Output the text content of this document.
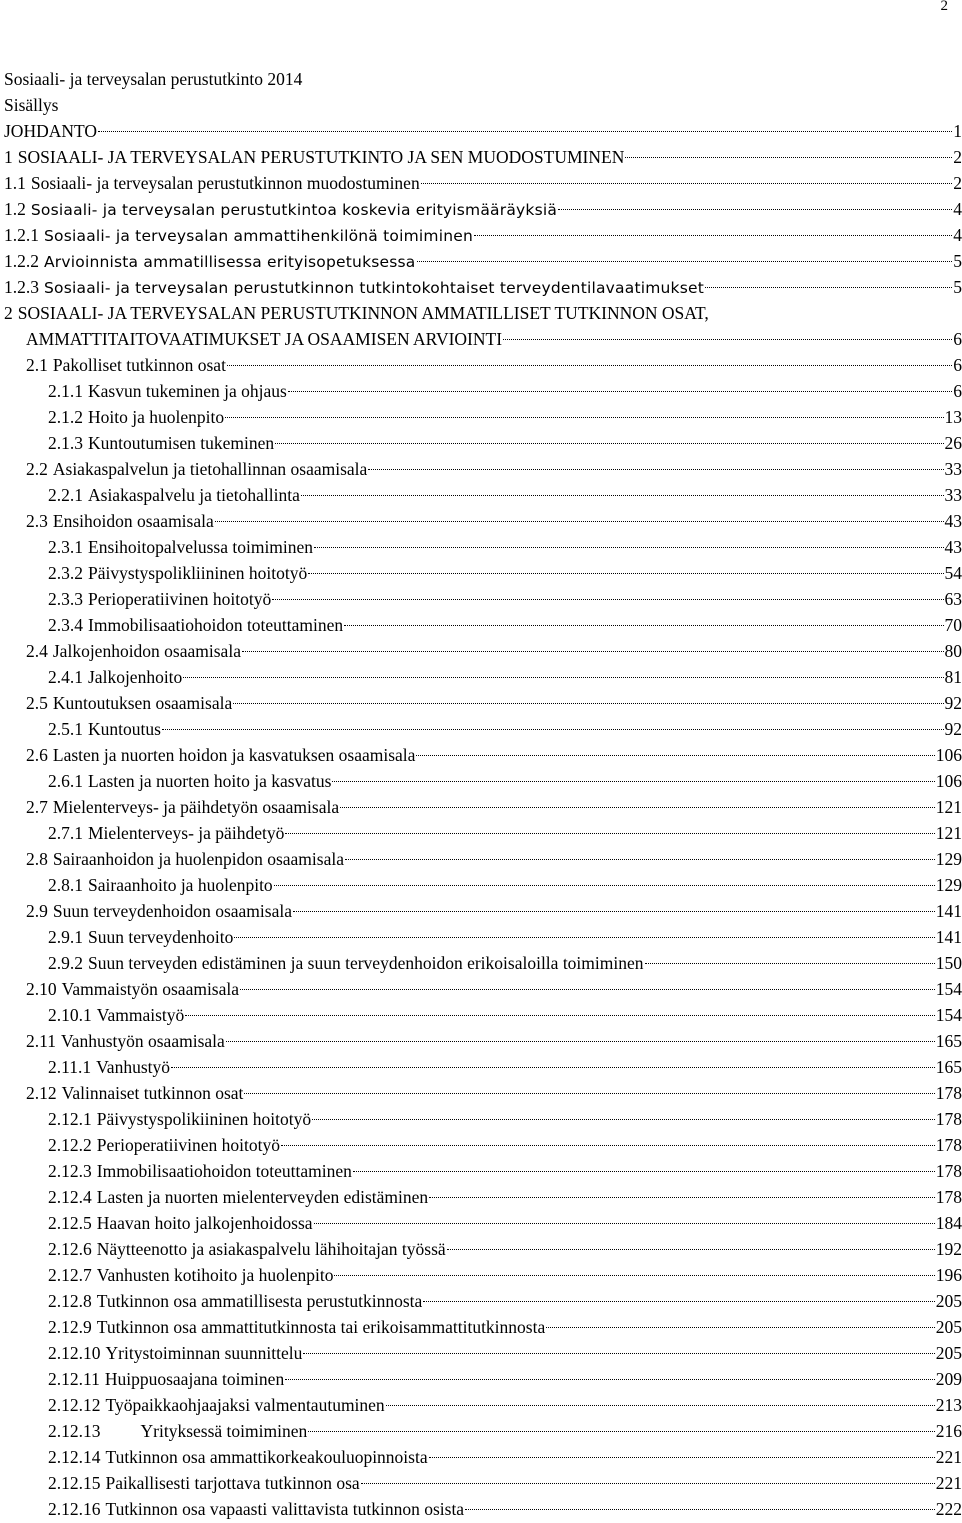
2
Sosiaali- ja terveysalan perustutkinto 2014
Sisällys
JOHDANTO	1
1 SOSIAALI- JA TERVEYSALAN PERUSTUTKINTO JA SEN MUODOSTUMINEN	2
1.1 Sosiaali- ja terveysalan perustutkinnon muodostuminen	2
1.2 Sosiaali- ja terveysalan perustutkintoa koskevia erityismääräyksiä	4
1.2.1 Sosiaali- ja terveysalan ammattihenkilönä toimiminen	4
1.2.2 Arvioinnista ammatillisessa erityisopetuksessa	5
1.2.3 Sosiaali- ja terveysalan perustutkinnon tutkintokohtaiset terveydentilavaatimukset	5
2 SOSIAALI- JA TERVEYSALAN PERUSTUTKINNON AMMATILLISET TUTKINNON OSAT,
AMMATTITAITOVAATIMUKSET JA OSAAMISEN ARVIOINTI	6
2.1 Pakolliset tutkinnon osat	6
2.1.1 Kasvun tukeminen ja ohjaus	6
2.1.2 Hoito ja huolenpito	13
2.1.3 Kuntoutumisen tukeminen	26
2.2 Asiakaspalvelun ja tietohallinnan osaamisala	33
2.2.1 Asiakaspalvelu ja tietohallinta	33
2.3 Ensihoidon osaamisala	43
2.3.1 Ensihoitopalvelussa toimiminen	43
2.3.2 Päivystyspolikliininen hoitotyö	54
2.3.3 Perioperatiivinen hoitotyö	63
2.3.4 Immobilisaatiohoidon toteuttaminen	70
2.4 Jalkojenhoidon osaamisala	80
2.4.1 Jalkojenhoito	81
2.5 Kuntoutuksen osaamisala	92
2.5.1 Kuntoutus	92
2.6 Lasten ja nuorten hoidon ja kasvatuksen osaamisala	106
2.6.1 Lasten ja nuorten hoito ja kasvatus	106
2.7 Mielenterveys- ja päihdetyön osaamisala	121
2.7.1 Mielenterveys- ja päihdetyö	121
2.8 Sairaanhoidon ja huolenpidon osaamisala	129
2.8.1 Sairaanhoito ja huolenpito	129
2.9 Suun terveydenhoidon osaamisala	141
2.9.1 Suun terveydenhoito	141
2.9.2 Suun terveyden edistäminen ja suun terveydenhoidon erikoisaloilla toimiminen	150
2.10 Vammaistyön osaamisala	154
2.10.1 Vammaistyö	154
2.11 Vanhustyön osaamisala	165
2.11.1 Vanhustyö	165
2.12 Valinnaiset tutkinnon osat	178
2.12.1 Päivystyspolikiininen hoitotyö	178
2.12.2 Perioperatiivinen hoitotyö	178
2.12.3 Immobilisaatiohoidon toteuttaminen	178
2.12.4 Lasten ja nuorten mielenterveyden edistäminen	178
2.12.5 Haavan hoito jalkojenhoidossa	184
2.12.6 Näytteenotto ja asiakaspalvelu lähihoitajan työssä	192
2.12.7 Vanhusten kotihoito ja huolenpito	196
2.12.8 Tutkinnon osa ammatillisesta perustutkinnosta	205
2.12.9 Tutkinnon osa ammattitutkinnosta tai erikoisammattitutkinnosta	205
2.12.10 Yritystoiminnan suunnittelu	205
2.12.11 Huippuosaajana toiminen	209
2.12.12 Työpaikkaohjaajaksi valmentautuminen	213
2.12.13 Yrityksessä toimiminen	216
2.12.14 Tutkinnon osa ammattikorkeakouluopinnoista	221
2.12.15 Paikallisesti tarjottava tutkinnon osa	221
2.12.16 Tutkinnon osa vapaasti valittavista tutkinnon osista	222
